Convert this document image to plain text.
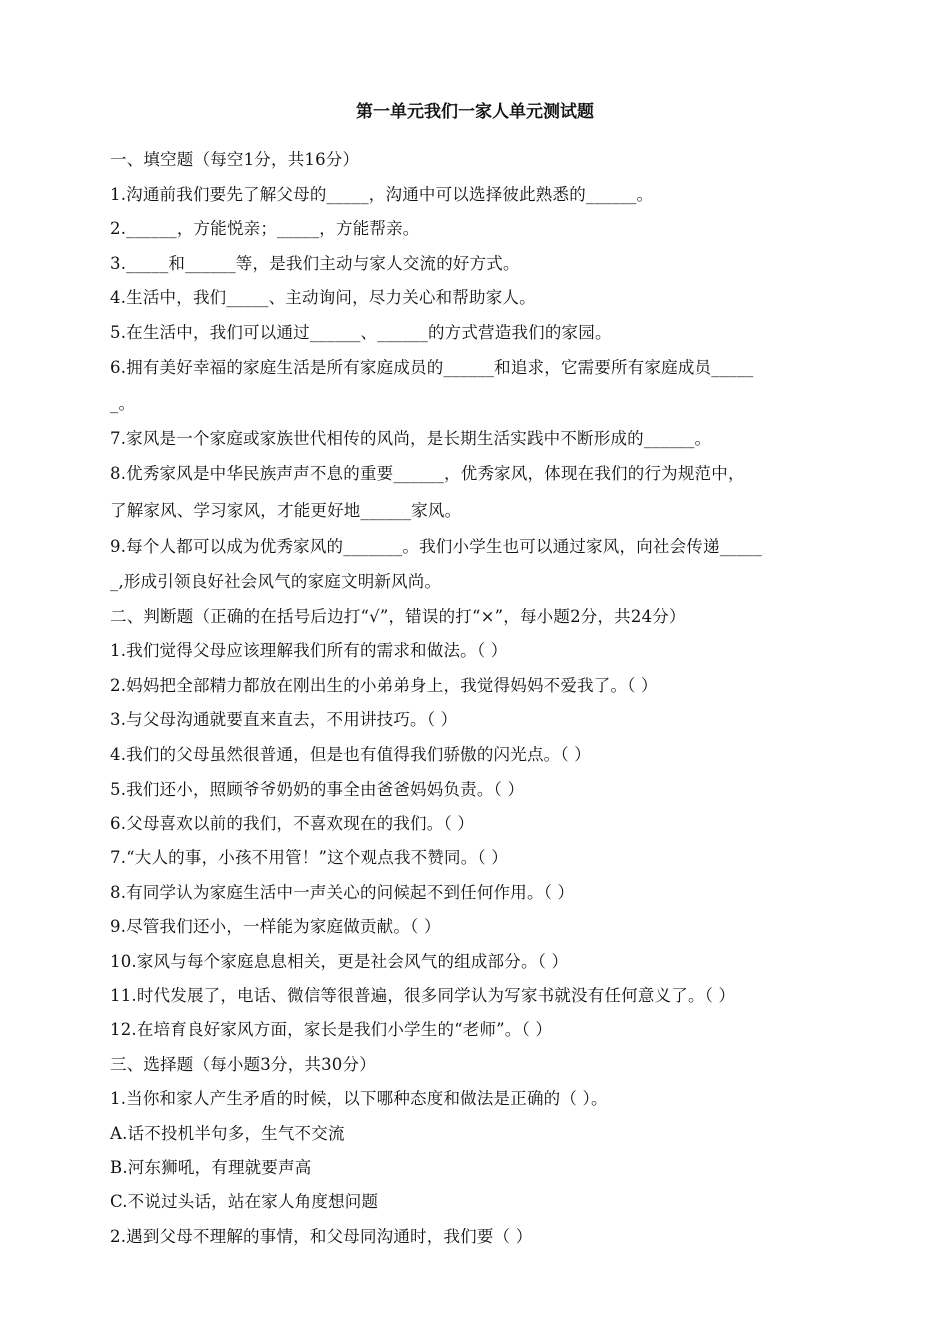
第一单元我们一家人单元测试题
一、填空题（每空1分，共16分）
1.沟通前我们要先了解父母的_____，沟通中可以选择彼此熟悉的______。
2.______，方能悦亲；_____，方能帮亲。
3._____和______等，是我们主动与家人交流的好方式。
4.生活中，我们_____、主动询问，尽力关心和帮助家人。
5.在生活中，我们可以通过______、______的方式营造我们的家园。
6.拥有美好幸福的家庭生活是所有家庭成员的______和追求，它需要所有家庭成员_____
_。
7.家风是一个家庭或家族世代相传的风尚，是长期生活实践中不断形成的______。
8.优秀家风是中华民族声声不息的重要______，优秀家风，体现在我们的行为规范中，
了解家风、学习家风，才能更好地______家风。
9.每个人都可以成为优秀家风的_______。我们小学生也可以通过家风，向社会传递_____
_,形成引领良好社会风气的家庭文明新风尚。
二、判断题（正确的在括号后边打“√”，错误的打“×”，每小题2分，共24分）
1.我们觉得父母应该理解我们所有的需求和做法。（ ）
2.妈妈把全部精力都放在刚出生的小弟弟身上，我觉得妈妈不爱我了。（ ）
3.与父母沟通就要直来直去，不用讲技巧。（ ）
4.我们的父母虽然很普通，但是也有值得我们骄傲的闪光点。（ ）
5.我们还小，照顾爷爷奶奶的事全由爸爸妈妈负责。（ ）
6.父母喜欢以前的我们，不喜欢现在的我们。（ ）
7.“大人的事，小孩不用管！”这个观点我不赞同。（ ）
8.有同学认为家庭生活中一声关心的问候起不到任何作用。（ ）
9.尽管我们还小，一样能为家庭做贡献。（ ）
10.家风与每个家庭息息相关，更是社会风气的组成部分。（ ）
11.时代发展了，电话、微信等很普遍，很多同学认为写家书就没有任何意义了。（ ）
12.在培育良好家风方面，家长是我们小学生的“老师”。（ ）
三、选择题（每小题3分，共30分）
1.当你和家人产生矛盾的时候，以下哪种态度和做法是正确的（ ）。
A.话不投机半句多，生气不交流
B.河东狮吼，有理就要声高
C.不说过头话，站在家人角度想问题
2.遇到父母不理解的事情，和父母同沟通时，我们要（ ）
